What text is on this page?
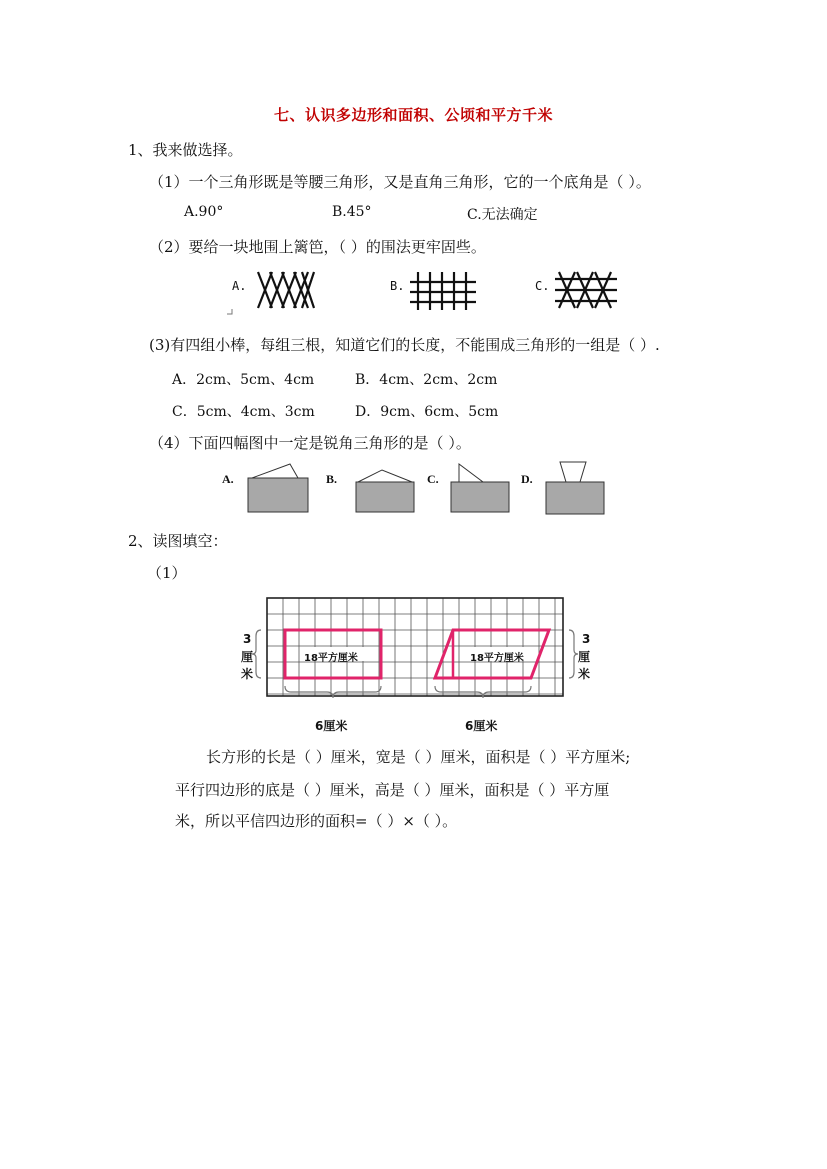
七、认识多边形和面积、公顷和平方千米
1、我来做选择。
（1）一个三角形既是等腰三角形，又是直角三角形，它的一个底角是（ ）。
A.90°	B.45°	C.无法确定
（2）要给一块地围上篱笆，（ ）的围法更牢固些。
A.	B.	C.
(3)有四组小棒，每组三根，知道它们的长度，不能围成三角形的一组是（ ）.
A．2cm、5cm、4cm	B．4cm、2cm、2cm
C．5cm、4cm、3cm	D．9cm、6cm、5cm
（4）下面四幅图中一定是锐角三角形的是（ ）。
A.	B.	C.	D.
2、读图填空：
（1）
18平方厘米	18平方厘米
3
厘
米
3
厘
米
6厘米	6厘米
长方形的长是（ ）厘米，宽是（ ）厘米，面积是（ ）平方厘米;
平行四边形的底是（ ）厘米，高是（ ）厘米，面积是（ ）平方厘
米，所以平信四边形的面积=（ ）×（ ）。
